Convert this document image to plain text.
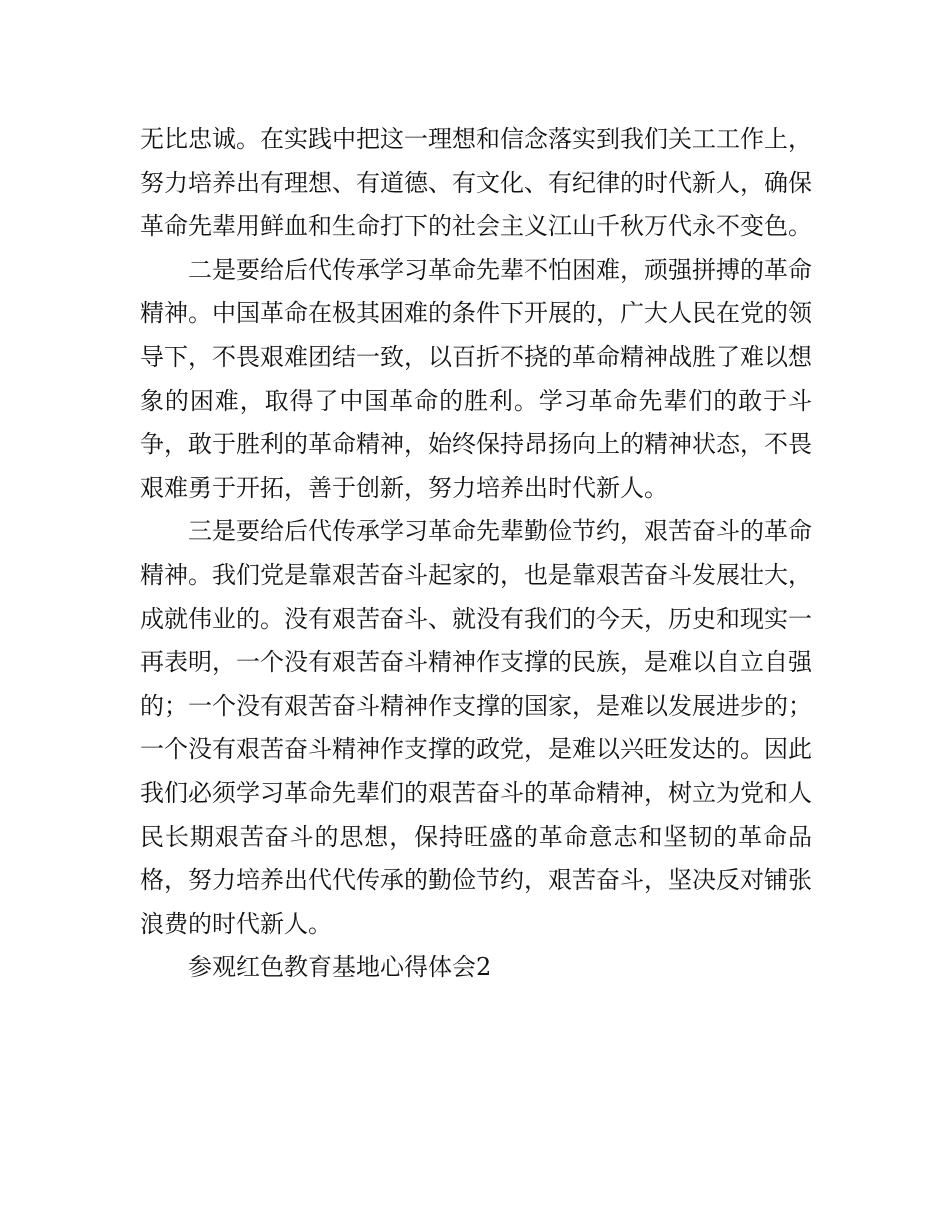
无比忠诚。在实践中把这一理想和信念落实到我们关工工作上，努力培养出有理想、有道德、有文化、有纪律的时代新人，确保革命先辈用鲜血和生命打下的社会主义江山千秋万代永不变色。

二是要给后代传承学习革命先辈不怕困难，顽强拼搏的革命精神。中国革命在极其困难的条件下开展的，广大人民在党的领导下，不畏艰难团结一致，以百折不挠的革命精神战胜了难以想象的困难，取得了中国革命的胜利。学习革命先辈们的敢于斗争，敢于胜利的革命精神，始终保持昂扬向上的精神状态，不畏艰难勇于开拓，善于创新，努力培养出时代新人。

三是要给后代传承学习革命先辈勤俭节约，艰苦奋斗的革命精神。我们党是靠艰苦奋斗起家的，也是靠艰苦奋斗发展壮大，成就伟业的。没有艰苦奋斗、就没有我们的今天，历史和现实一再表明，一个没有艰苦奋斗精神作支撑的民族，是难以自立自强的；一个没有艰苦奋斗精神作支撑的国家，是难以发展进步的；一个没有艰苦奋斗精神作支撑的政党，是难以兴旺发达的。因此我们必须学习革命先辈们的艰苦奋斗的革命精神，树立为党和人民长期艰苦奋斗的思想，保持旺盛的革命意志和坚韧的革命品格，努力培养出代代传承的勤俭节约，艰苦奋斗，坚决反对铺张浪费的时代新人。

参观红色教育基地心得体会2
